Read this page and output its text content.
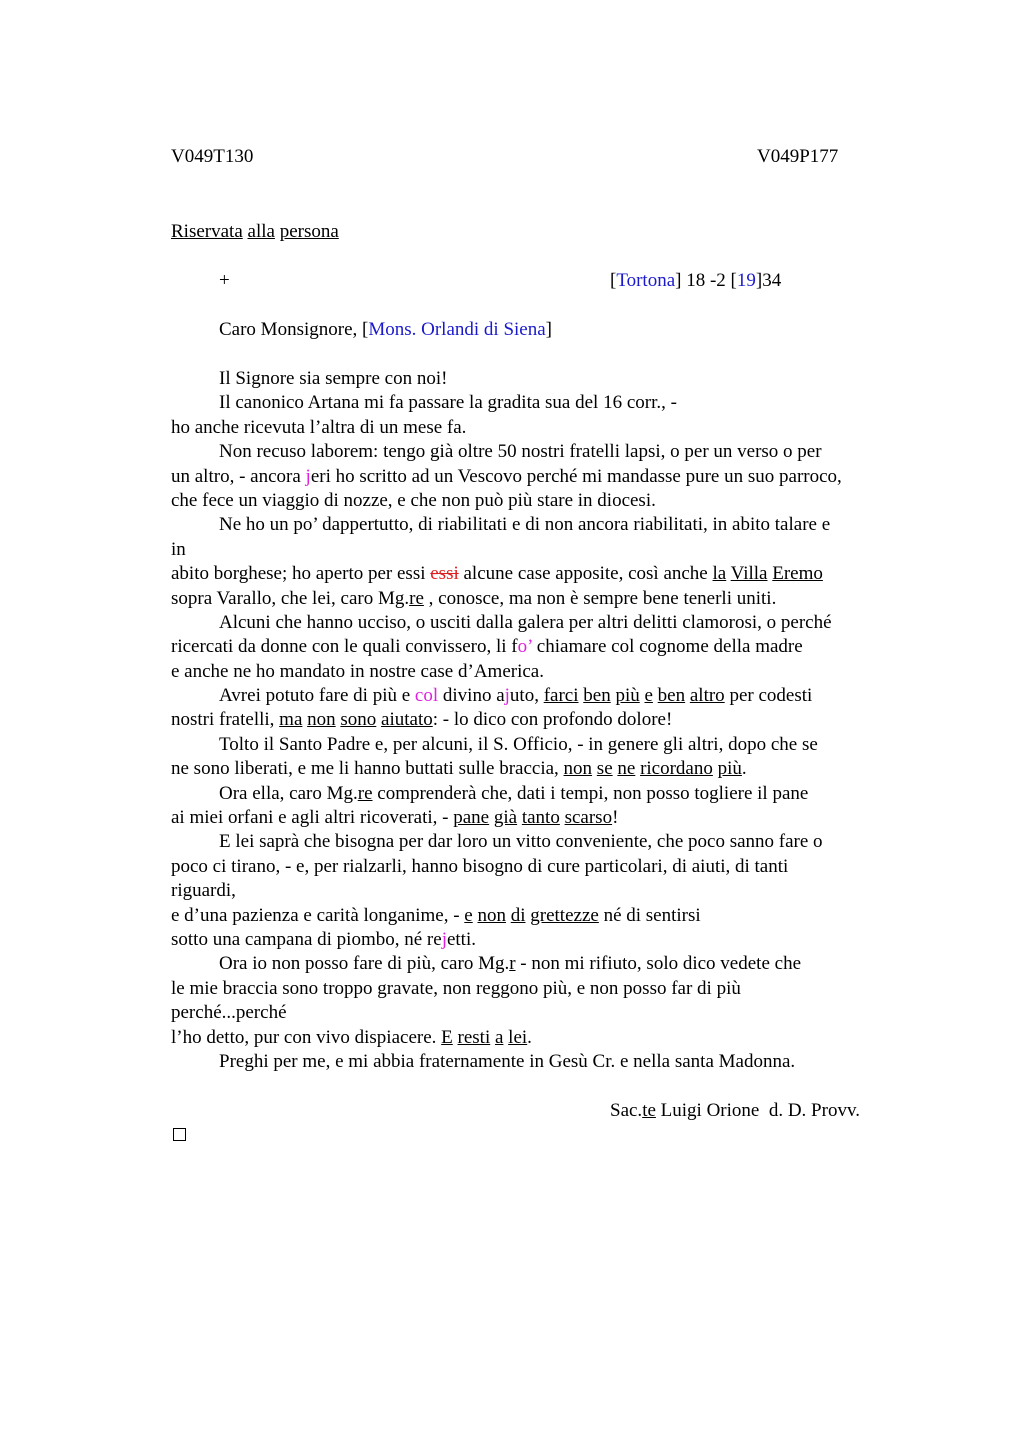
V049T130	V049P177
Riservata alla persona
+	[Tortona] 18 -2 [19]34
Caro Monsignore, [Mons. Orlandi di Siena]
Il Signore sia sempre con noi!
Il canonico Artana mi fa passare la gradita sua del 16 corr., -
ho anche ricevuta l’altra di un mese fa.
Non recuso laborem: tengo già oltre 50 nostri fratelli lapsi, o per un verso o per
un altro, - ancora jeri ho scritto ad un Vescovo perché mi mandasse pure un suo parroco,
che fece un viaggio di nozze, e che non può più stare in diocesi.
Ne ho un po’ dappertutto, di riabilitati e di non ancora riabilitati, in abito talare e
in
abito borghese; ho aperto per essi essi alcune case apposite, così anche la Villa Eremo
sopra Varallo, che lei, caro Mg.re , conosce, ma non è sempre bene tenerli uniti.
Alcuni che hanno ucciso, o usciti dalla galera per altri delitti clamorosi, o perché
ricercati da donne con le quali convissero, li fo’ chiamare col cognome della madre
e anche ne ho mandato in nostre case d’America.
Avrei potuto fare di più e col divino ajuto, farci ben più e ben altro per codesti
nostri fratelli, ma non sono aiutato: - lo dico con profondo dolore!
Tolto il Santo Padre e, per alcuni, il S. Officio, - in genere gli altri, dopo che se
ne sono liberati, e me li hanno buttati sulle braccia, non se ne ricordano più.
Ora ella, caro Mg.re comprenderà che, dati i tempi, non posso togliere il pane
ai miei orfani e agli altri ricoverati, - pane già tanto scarso!
E lei saprà che bisogna per dar loro un vitto conveniente, che poco sanno fare o
poco ci tirano, - e, per rialzarli, hanno bisogno di cure particolari, di aiuti, di tanti
riguardi,
e d’una pazienza e carità longanime, - e non di grettezze né di sentirsi
sotto una campana di piombo, né rejetti.
Ora io non posso fare di più, caro Mg.r - non mi rifiuto, solo dico vedete che
le mie braccia sono troppo gravate, non reggono più, e non posso far di più
perché...perché
l’ho detto, pur con vivo dispiacere. E resti a lei.
Preghi per me, e mi abbia fraternamente in Gesù Cr. e nella santa Madonna.
Sac.te Luigi Orione  d. D. Provv.
